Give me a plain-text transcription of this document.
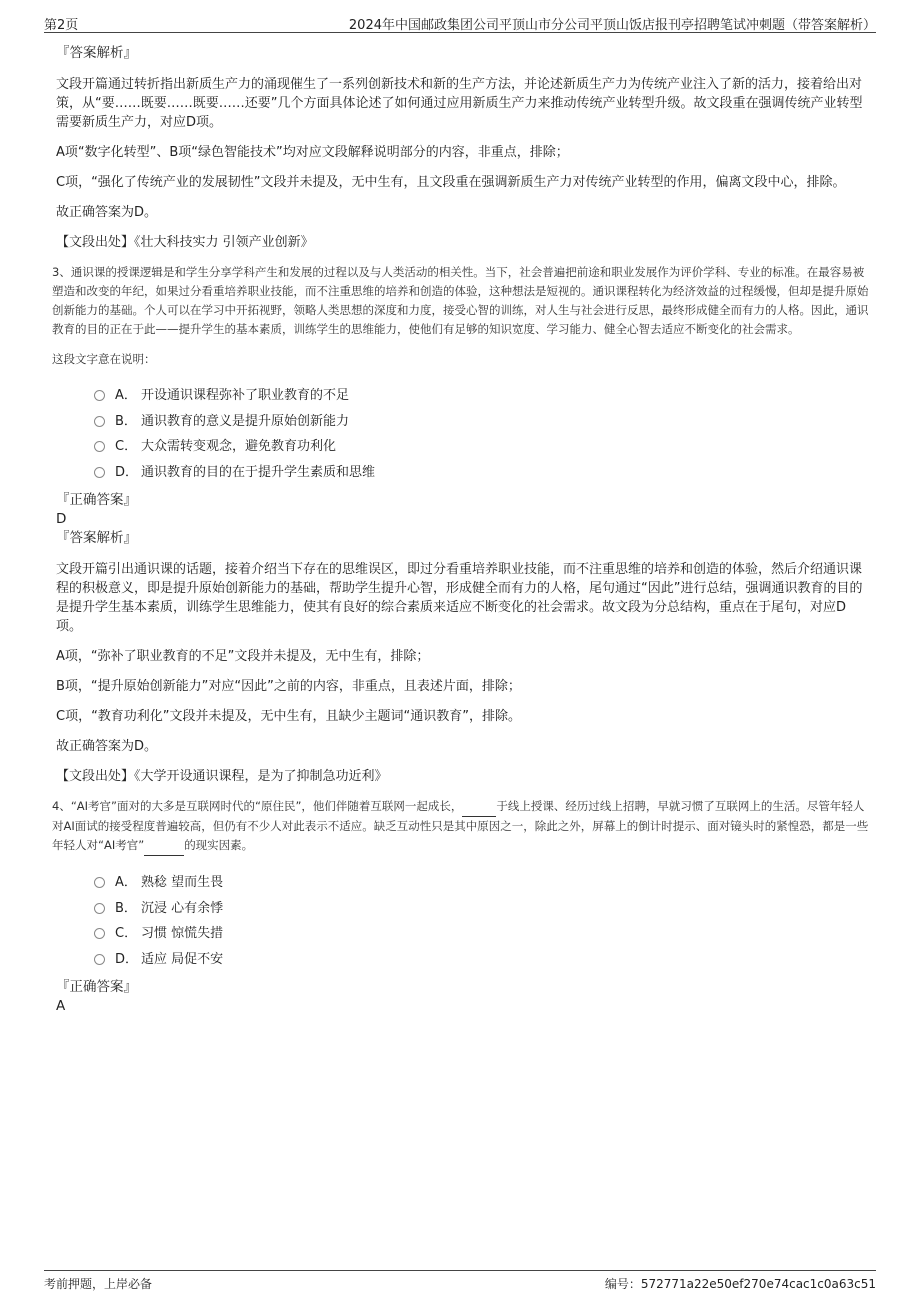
第2页	2024年中国邮政集团公司平顶山市分公司平顶山饭店报刊亭招聘笔试冲刺题（带答案解析）

『答案解析』

文段开篇通过转折指出新质生产力的涌现催生了一系列创新技术和新的生产方法，并论述新质生产力为传统产业注入了新的活力，接着给出对策，从“要……既要……既要……还要”几个方面具体论述了如何通过应用新质生产力来推动传统产业转型升级。故文段重在强调传统产业转型需要新质生产力，对应D项。

A项“数字化转型”、B项“绿色智能技术”均对应文段解释说明部分的内容，非重点，排除；

C项，“强化了传统产业的发展韧性”文段并未提及，无中生有，且文段重在强调新质生产力对传统产业转型的作用，偏离文段中心，排除。

故正确答案为D。

【文段出处】《壮大科技实力 引领产业创新》

3、通识课的授课逻辑是和学生分享学科产生和发展的过程以及与人类活动的相关性。当下，社会普遍把前途和职业发展作为评价学科、专业的标准。在最容易被塑造和改变的年纪，如果过分看重培养职业技能，而不注重思维的培养和创造的体验，这种想法是短视的。通识课程转化为经济效益的过程缓慢，但却是提升原始创新能力的基础。个人可以在学习中开拓视野，领略人类思想的深度和力度，接受心智的训练，对人生与社会进行反思，最终形成健全而有力的人格。因此，通识教育的目的正在于此——提升学生的基本素质，训练学生的思维能力，使他们有足够的知识宽度、学习能力、健全心智去适应不断变化的社会需求。

这段文字意在说明：

A． 开设通识课程弥补了职业教育的不足
B． 通识教育的意义是提升原始创新能力
C． 大众需转变观念，避免教育功利化
D． 通识教育的目的在于提升学生素质和思维

『正确答案』

D

『答案解析』

文段开篇引出通识课的话题，接着介绍当下存在的思维误区，即过分看重培养职业技能，而不注重思维的培养和创造的体验，然后介绍通识课程的积极意义，即是提升原始创新能力的基础，帮助学生提升心智，形成健全而有力的人格，尾句通过“因此”进行总结，强调通识教育的目的是提升学生基本素质，训练学生思维能力，使其有良好的综合素质来适应不断变化的社会需求。故文段为分总结构，重点在于尾句，对应D项。

A项，“弥补了职业教育的不足”文段并未提及，无中生有，排除；

B项，“提升原始创新能力”对应“因此”之前的内容，非重点，且表述片面，排除；

C项，“教育功利化”文段并未提及，无中生有，且缺少主题词“通识教育”，排除。

故正确答案为D。

【文段出处】《大学开设通识课程，是为了抑制急功近利》

4、“AI考官”面对的大多是互联网时代的“原住民”，他们伴随着互联网一起成长，	于线上授课、经历过线上招聘，早就习惯了互联网上的生活。尽管年轻人对AI面试的接受程度普遍较高，但仍有不少人对此表示不适应。缺乏互动性只是其中原因之一，除此之外，屏幕上的倒计时提示、面对镜头时的紧惶恐，都是一些年轻人对“AI考官”	的现实因素。

A． 熟稔 望而生畏
B． 沉浸 心有余悸
C． 习惯 惊慌失措
D． 适应 局促不安

『正确答案』

A

考前押题，上岸必备	编号：572771a22e50ef270e74cac1c0a63c51
